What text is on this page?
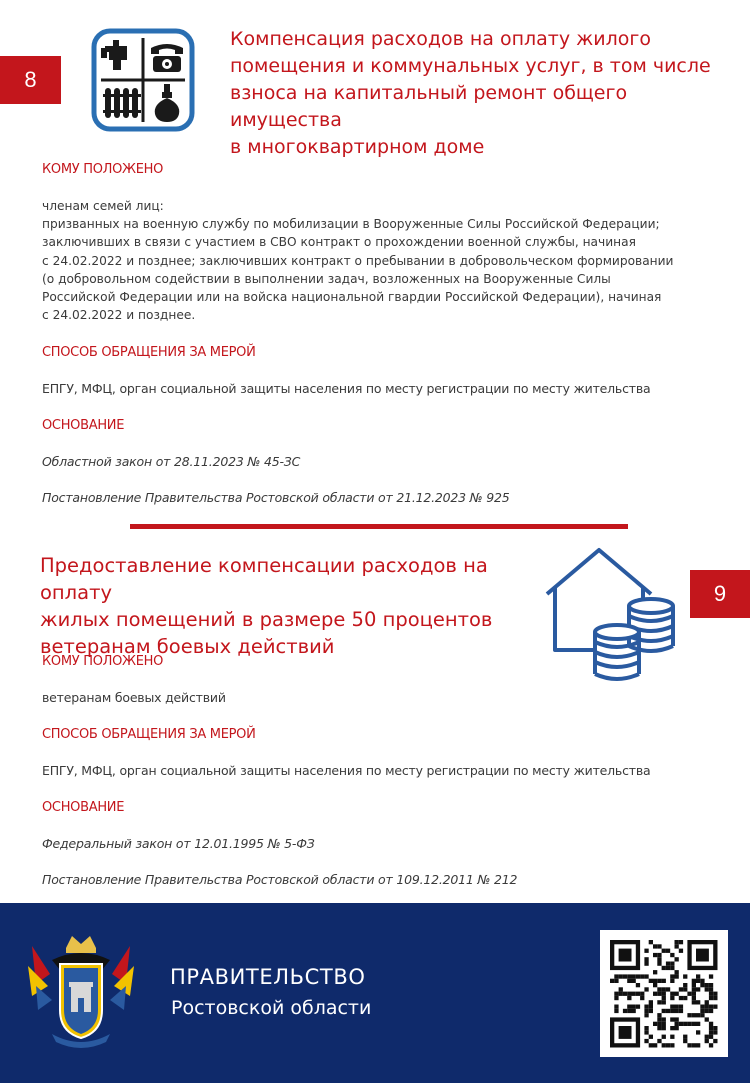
8
Компенсация расходов на оплату жилого
помещения и коммунальных услуг, в том числе
взноса на капитальный ремонт общего имущества
в многоквартирном доме
КОМУ ПОЛОЖЕНО
членам семей лиц:
призванных на военную службу по мобилизации в Вооруженные Силы Российской Федерации;
заключивших в связи с участием в СВО контракт о прохождении военной службы, начиная
с 24.02.2022 и позднее; заключивших контракт о пребывании в добровольческом формировании
(о добровольном содействии в выполнении задач, возложенных на Вооруженные Силы
Российской Федерации или на войска национальной гвардии Российской Федерации), начиная
с 24.02.2022 и позднее.
СПОСОБ ОБРАЩЕНИЯ ЗА МЕРОЙ
ЕПГУ, МФЦ, орган социальной защиты населения по месту регистрации по месту жительства
ОСНОВАНИЕ
Областной закон от 28.11.2023 № 45-ЗС
Постановление Правительства Ростовской области от 21.12.2023 № 925
Предоставление компенсации расходов на оплату
жилых помещений в размере 50 процентов
ветеранам боевых действий
9
КОМУ ПОЛОЖЕНО
ветеранам боевых действий
СПОСОБ ОБРАЩЕНИЯ ЗА МЕРОЙ
ЕПГУ, МФЦ, орган социальной защиты населения по месту регистрации по месту жительства
ОСНОВАНИЕ
Федеральный закон от 12.01.1995 № 5-ФЗ
Постановление Правительства Ростовской области от 109.12.2011 № 212
ПРАВИТЕЛЬСТВО
Ростовской области
